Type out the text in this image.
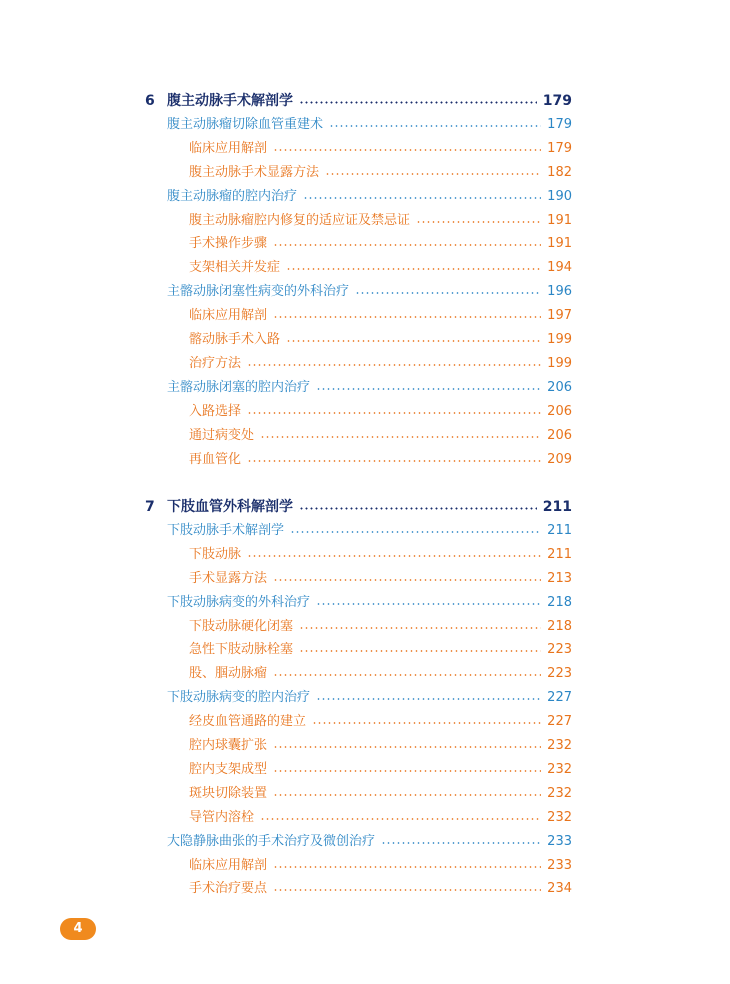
6 腹主动脉手术解剖学	179
腹主动脉瘤切除血管重建术	179
临床应用解剖	179
腹主动脉手术显露方法	182
腹主动脉瘤的腔内治疗	190
腹主动脉瘤腔内修复的适应证及禁忌证	191
手术操作步骤	191
支架相关并发症	194
主髂动脉闭塞性病变的外科治疗	196
临床应用解剖	197
髂动脉手术入路	199
治疗方法	199
主髂动脉闭塞的腔内治疗	206
入路选择	206
通过病变处	206
再血管化	209
7 下肢血管外科解剖学	211
下肢动脉手术解剖学	211
下肢动脉	211
手术显露方法	213
下肢动脉病变的外科治疗	218
下肢动脉硬化闭塞	218
急性下肢动脉栓塞	223
股、腘动脉瘤	223
下肢动脉病变的腔内治疗	227
经皮血管通路的建立	227
腔内球囊扩张	232
腔内支架成型	232
斑块切除装置	232
导管内溶栓	232
大隐静脉曲张的手术治疗及微创治疗	233
临床应用解剖	233
手术治疗要点	234
4
